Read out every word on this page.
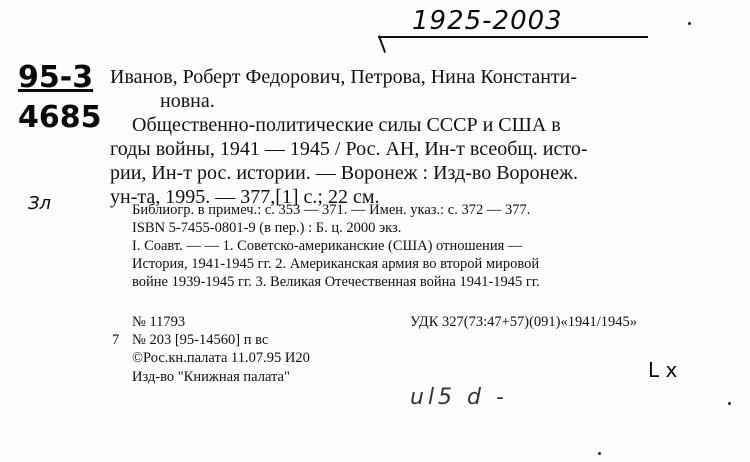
1925-2003
95-3
4685
Зл
L x
ul5 d -
Иванов, Роберт Федорович, Петрова, Нина Константи-
новна.
Общественно-политические силы СССР и США в
годы войны, 1941 — 1945 / Рос. АН, Ин-т всеобщ. исто-
рии, Ин-т рос. истории. — Воронеж : Изд-во Воронеж.
ун-та, 1995. — 377,[1] с.; 22 см.
Библиогр. в примеч.: с. 353 — 371. — Имен. указ.: с. 372 — 377.
ISBN 5-7455-0801-9 (в пер.) : Б. ц. 2000 экз.
I. Соавт. — — 1. Советско-американские (США) отношения —
История, 1941-1945 гг. 2. Американская армия во второй мировой
войне 1939-1945 гг. 3. Великая Отечественная война 1941-1945 гг.
№ 11793	УДК 327(73:47+57)(091)«1941/1945»
7 № 203 [95-14560] п вс
©Рос.кн.палата 11.07.95 И20
Изд-во "Книжная палата"
